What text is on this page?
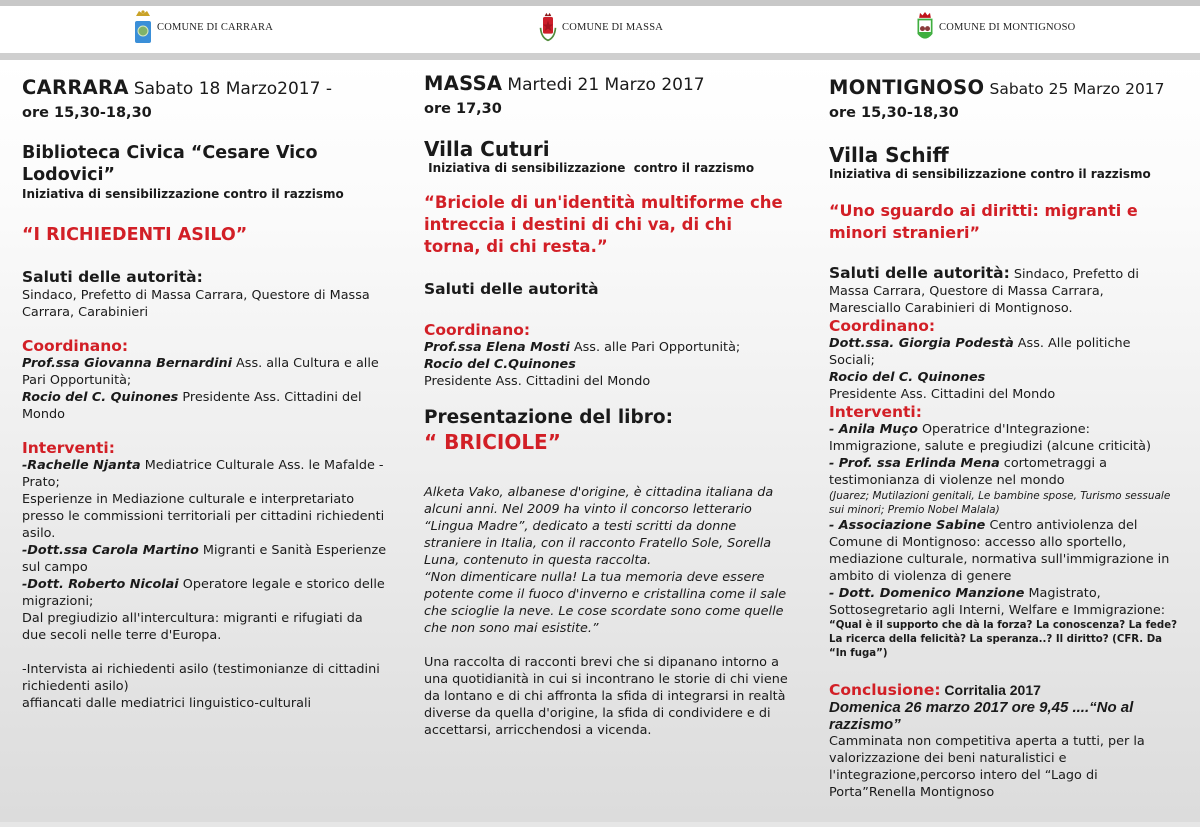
COMUNE DI CARRARA	COMUNE DI MASSA	COMUNE DI MONTIGNOSO
CARRARA Sabato 18 Marzo2017 -
ore 15,30-18,30
Biblioteca Civica “Cesare Vico Lodovici”
Iniziativa di sensibilizzazione contro il razzismo
“I RICHIEDENTI ASILO”
Saluti delle autorità:
Sindaco, Prefetto di Massa Carrara, Questore di Massa Carrara, Carabinieri
Coordinano:
Prof.ssa Giovanna Bernardini Ass. alla Cultura e alle Pari Opportunità;
Rocio del C. Quinones Presidente Ass. Cittadini del Mondo
Interventi:
-Rachelle Njanta Mediatrice Culturale Ass. le Mafalde - Prato;
Esperienze in Mediazione culturale e interpretariato presso le commissioni territoriali per cittadini richiedenti asilo.
-Dott.ssa Carola Martino Migranti e Sanità Esperienze sul campo
-Dott. Roberto Nicolai Operatore legale e storico delle migrazioni;
Dal pregiudizio all'intercultura: migranti e rifugiati da due secoli nelle terre d'Europa.
-Intervista ai richiedenti asilo (testimonianze di cittadini richiedenti asilo)
affiancati dalle mediatrici linguistico-culturali
MASSA Martedi 21 Marzo 2017
ore 17,30
Villa Cuturi
Iniziativa di sensibilizzazione  contro il razzismo
“Briciole di un'identità multiforme che intreccia i destini di chi va, di chi torna, di chi resta.”
Saluti delle autorità
Coordinano:
Prof.ssa Elena Mosti Ass. alle Pari Opportunità;
Rocio del C.Quinones
Presidente Ass. Cittadini del Mondo
Presentazione del libro:
“ BRICIOLE”
Alketa Vako, albanese d'origine, è cittadina italiana da alcuni anni. Nel 2009 ha vinto il concorso letterario “Lingua Madre”, dedicato a testi scritti da donne straniere in Italia, con il racconto Fratello Sole, Sorella Luna, contenuto in questa raccolta.
“Non dimenticare nulla! La tua memoria deve essere potente come il fuoco d'inverno e cristallina come il sale che scioglie la neve. Le cose scordate sono come quelle che non sono mai esistite.”
Una raccolta di racconti brevi che si dipanano intorno a una quotidianità in cui si incontrano le storie di chi viene da lontano e di chi affronta la sfida di integrarsi in realtà diverse da quella d'origine, la sfida di condividere e di accettarsi, arricchendosi a vicenda.
MONTIGNOSO Sabato 25 Marzo 2017
ore 15,30-18,30
Villa Schiff
Iniziativa di sensibilizzazione contro il razzismo
“Uno sguardo ai diritti: migranti e minori stranieri”
Saluti delle autorità: Sindaco, Prefetto di Massa Carrara, Questore di Massa Carrara, Maresciallo Carabinieri di Montignoso.
Coordinano:
Dott.ssa. Giorgia Podestà Ass. Alle politiche Sociali;
Rocio del C. Quinones
Presidente Ass. Cittadini del Mondo
Interventi:
- Anila Muço Operatrice d'Integrazione: Immigrazione, salute e pregiudizi (alcune criticità)
- Prof. ssa Erlinda Mena cortometraggi a testimonianza di violenze nel mondo
(Juarez; Mutilazioni genitali, Le bambine spose, Turismo sessuale sui minori; Premio Nobel Malala)
- Associazione Sabine Centro antiviolenza del Comune di Montignoso: accesso allo sportello, mediazione culturale, normativa sull'immigrazione in ambito di violenza di genere
- Dott. Domenico Manzione Magistrato, Sottosegretario agli Interni, Welfare e Immigrazione:
“Qual è il supporto che dà la forza? La conoscenza? La fede? La ricerca della felicità? La speranza..? Il diritto? (CFR. Da “In fuga”)
Conclusione: Corritalia 2017
Domenica 26 marzo 2017 ore 9,45 ....“No al razzismo”
Camminata non competitiva aperta a tutti, per la valorizzazione dei beni naturalistici e l'integrazione,percorso intero del “Lago di Porta”Renella Montignoso
